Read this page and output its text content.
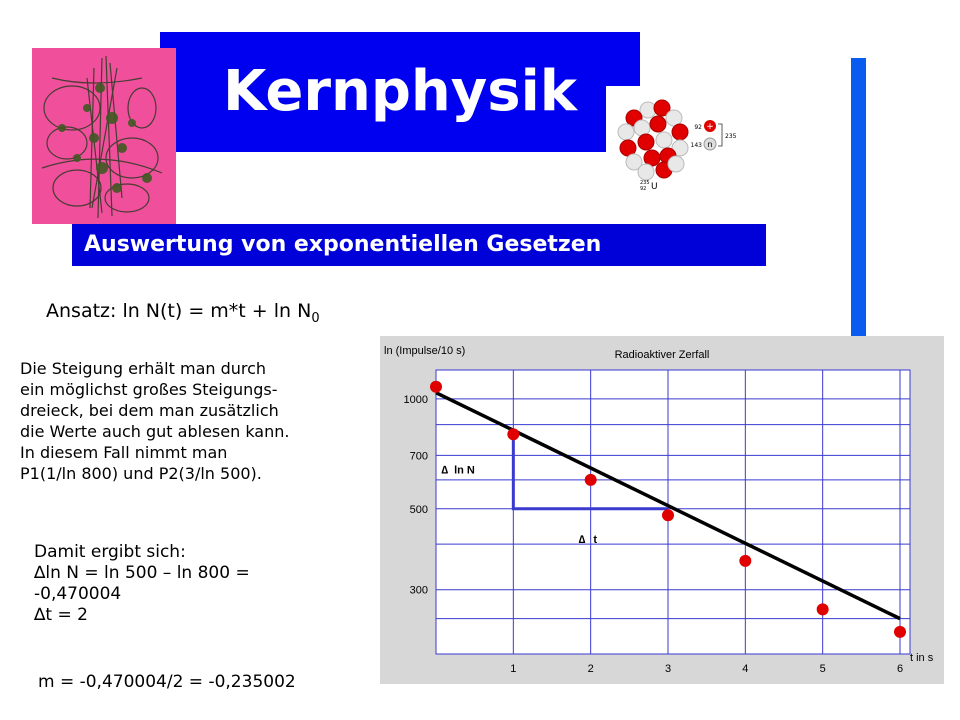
Kernphysik
+
92
n
143
235
235
92 U
Auswertung von exponentiellen Gesetzen
Ansatz: $\ln N(t) = m*t + \ln N_0$
Die Steigung erhält man durch
ein möglichst großes Steigungs-
dreieck, bei dem man zusätzlich
die Werte auch gut ablesen kann.
In diesem Fall nimmt man
P1(1/ln 800) und P2(3/ln 500).
Damit ergibt sich:
∆ln N = ln 500 – ln 800 =
-0,470004
∆t = 2
m = -0,470004/2 = -0,235002
ln (Impulse/10 s)	Radioaktiver Zerfall
t in s
1	2	3	4	5	6
1000
700
500
300
∆ ln N
∆ t
